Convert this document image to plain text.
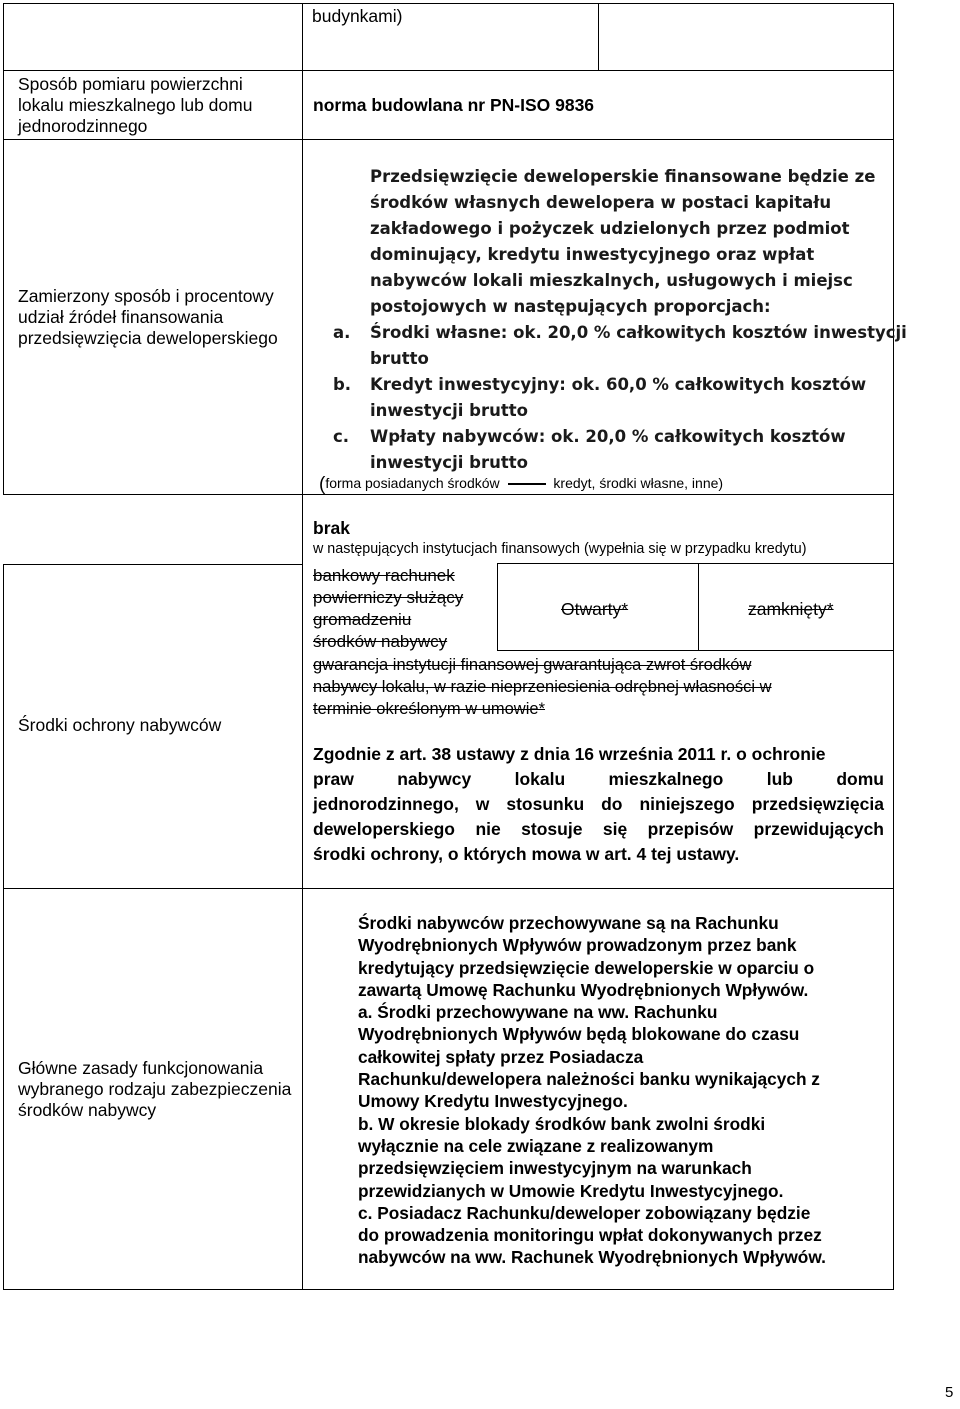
budynkami)
Sposób pomiaru powierzchni lokalu mieszkalnego lub domu jednorodzinnego
norma budowlana nr PN-ISO 9836
Zamierzony sposób i procentowy udział źródeł finansowania przedsięwzięcia deweloperskiego
Przedsięwzięcie deweloperskie finansowane będzie ze
środków własnych dewelopera w postaci kapitału
zakładowego i pożyczek udzielonych przez podmiot
dominujący, kredytu inwestycyjnego oraz wpłat
nabywców lokali mieszkalnych, usługowych i miejsc
postojowych w następujących proporcjach:
a. Środki własne: ok. 20,0 % całkowitych kosztów inwestycji
brutto
b. Kredyt inwestycyjny: ok. 60,0 % całkowitych kosztów
inwestycji brutto
c. Wpłaty nabywców: ok. 20,0 % całkowitych kosztów
inwestycji brutto
(forma posiadanych środków	kredyt, środki własne, inne)
Środki ochrony nabywców
brak
w następujących instytucjach finansowych (wypełnia się w przypadku kredytu)
bankowy rachunek
powierniczy służący
gromadzeniu
środków nabywcy
Otwarty*	zamknięty*
gwarancja instytucji finansowej gwarantująca zwrot środków
nabywcy lokalu, w razie nieprzeniesienia odrębnej własności w
terminie określonym w umowie*
Zgodnie z art. 38 ustawy z dnia 16 września 2011 r. o ochronie
praw nabywcy lokalu mieszkalnego lub domu
jednorodzinnego, w stosunku do niniejszego przedsięwzięcia
deweloperskiego nie stosuje się przepisów przewidujących
środki ochrony, o których mowa w art. 4 tej ustawy.
Główne zasady funkcjonowania wybranego rodzaju zabezpieczenia środków nabywcy
Środki nabywców przechowywane są na Rachunku
Wyodrębnionych Wpływów prowadzonym przez bank
kredytujący przedsięwzięcie deweloperskie w oparciu o
zawartą Umowę Rachunku Wyodrębnionych Wpływów.
a. Środki przechowywane na ww. Rachunku
Wyodrębnionych Wpływów będą blokowane do czasu
całkowitej spłaty przez Posiadacza
Rachunku/dewelopera należności banku wynikających z
Umowy Kredytu Inwestycyjnego.
b. W okresie blokady środków bank zwolni środki
wyłącznie na cele związane z realizowanym
przedsięwzięciem inwestycyjnym na warunkach
przewidzianych w Umowie Kredytu Inwestycyjnego.
c. Posiadacz Rachunku/deweloper zobowiązany będzie
do prowadzenia monitoringu wpłat dokonywanych przez
nabywców na ww. Rachunek Wyodrębnionych Wpływów.
5
